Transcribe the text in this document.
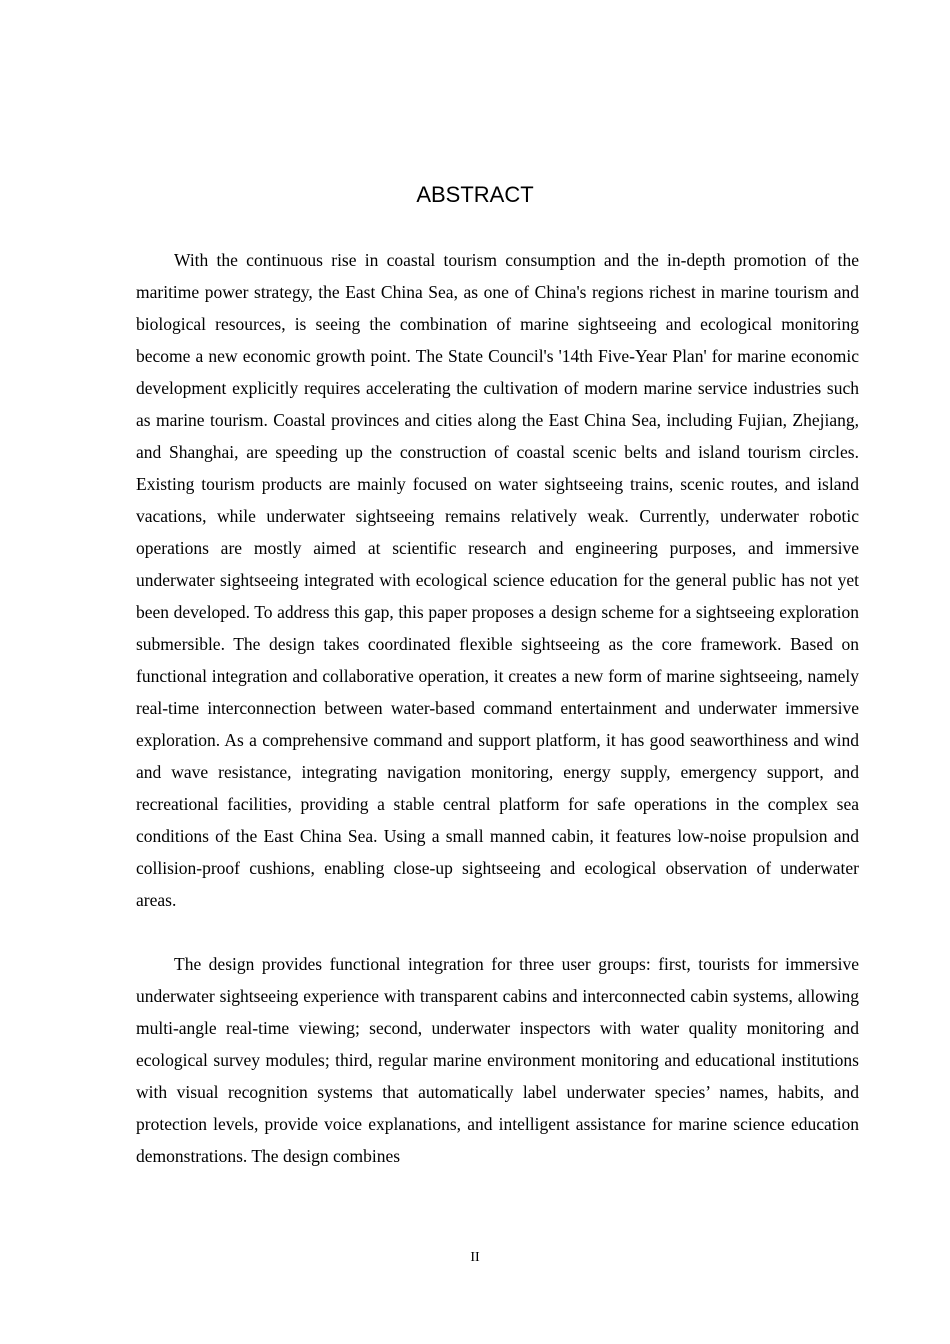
ABSTRACT

With the continuous rise in coastal tourism consumption and the in-depth promotion of the maritime power strategy, the East China Sea, as one of China's regions richest in marine tourism and biological resources, is seeing the combination of marine sightseeing and ecological monitoring become a new economic growth point. The State Council's '14th Five-Year Plan' for marine economic development explicitly requires accelerating the cultivation of modern marine service industries such as marine tourism. Coastal provinces and cities along the East China Sea, including Fujian, Zhejiang, and Shanghai, are speeding up the construction of coastal scenic belts and island tourism circles. Existing tourism products are mainly focused on water sightseeing trains, scenic routes, and island vacations, while underwater sightseeing remains relatively weak. Currently, underwater robotic operations are mostly aimed at scientific research and engineering purposes, and immersive underwater sightseeing integrated with ecological science education for the general public has not yet been developed. To address this gap, this paper proposes a design scheme for a sightseeing exploration submersible. The design takes coordinated flexible sightseeing as the core framework. Based on functional integration and collaborative operation, it creates a new form of marine sightseeing, namely real-time interconnection between water-based command entertainment and underwater immersive exploration. As a comprehensive command and support platform, it has good seaworthiness and wind and wave resistance, integrating navigation monitoring, energy supply, emergency support, and recreational facilities, providing a stable central platform for safe operations in the complex sea conditions of the East China Sea. Using a small manned cabin, it features low-noise propulsion and collision-proof cushions, enabling close-up sightseeing and ecological observation of underwater areas.

The design provides functional integration for three user groups: first, tourists for immersive underwater sightseeing experience with transparent cabins and interconnected cabin systems, allowing multi-angle real-time viewing; second, underwater inspectors with water quality monitoring and ecological survey modules; third, regular marine environment monitoring and educational institutions with visual recognition systems that automatically label underwater species’ names, habits, and protection levels, provide voice explanations, and intelligent assistance for marine science education demonstrations. The design combines

II
